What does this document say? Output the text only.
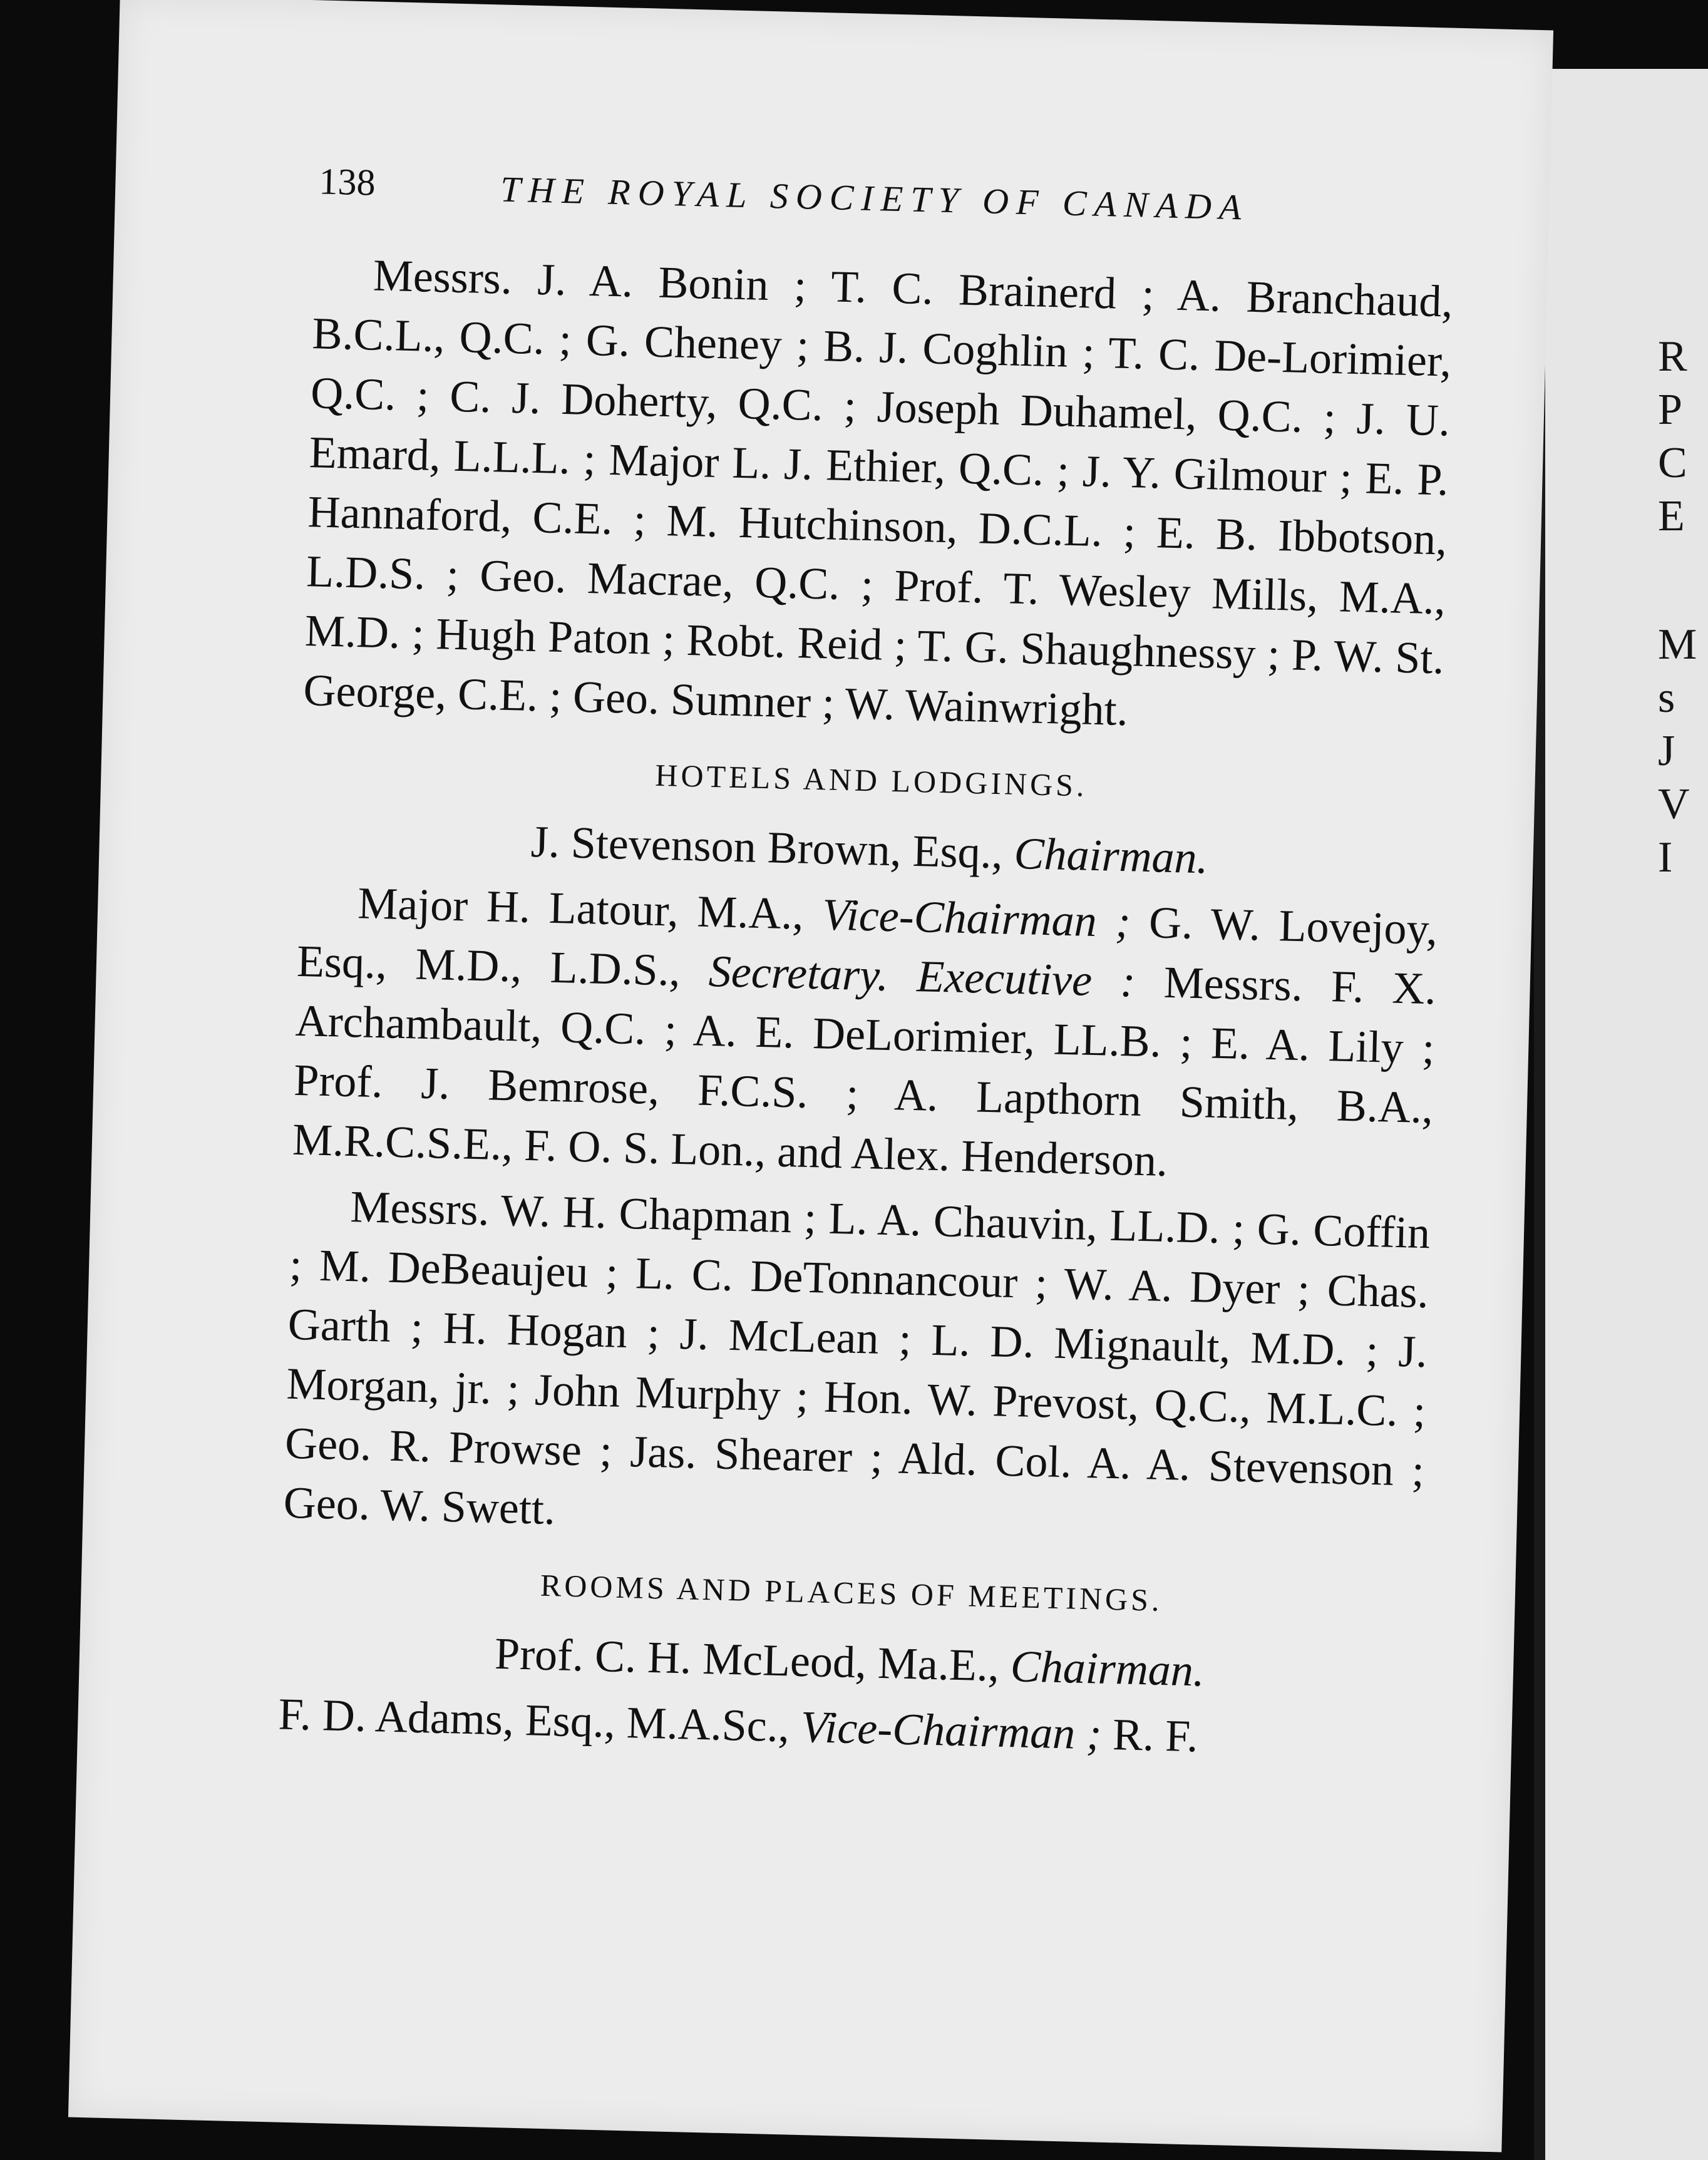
R
P
C
E
M
s
J
V
I
138	THE ROYAL SOCIETY OF CANADA

Messrs. J. A. Bonin ; T. C. Brainerd ; A. Branchaud, B.C.L., Q.C. ; G. Cheney ; B. J. Coghlin ; T. C. De-Lorimier, Q.C. ; C. J. Doherty, Q.C. ; Joseph Duhamel, Q.C. ; J. U. Emard, L.L.L. ; Major L. J. Ethier, Q.C. ; J. Y. Gilmour ; E. P. Hannaford, C.E. ; M. Hutchinson, D.C.L. ; E. B. Ibbotson, L.D.S. ; Geo. Macrae, Q.C. ; Prof. T. Wesley Mills, M.A., M.D. ; Hugh Paton ; Robt. Reid ; T. G. Shaughnessy ; P. W. St. George, C.E. ; Geo. Sumner ; W. Wainwright.

HOTELS AND LODGINGS.
J. Stevenson Brown, Esq., Chairman.

Major H. Latour, M.A., Vice-Chairman ; G. W. Lovejoy, Esq., M.D., L.D.S., Secretary. Executive : Messrs. F. X. Archambault, Q.C. ; A. E. DeLorimier, LL.B. ; E. A. Lily ; Prof. J. Bemrose, F.C.S. ; A. Lapthorn Smith, B.A., M.R.C.S.E., F. O. S. Lon., and Alex. Henderson.

Messrs. W. H. Chapman ; L. A. Chauvin, LL.D. ; G. Coffin ; M. DeBeaujeu ; L. C. DeTonnancour ; W. A. Dyer ; Chas. Garth ; H. Hogan ; J. McLean ; L. D. Mignault, M.D. ; J. Morgan, jr. ; John Murphy ; Hon. W. Prevost, Q.C., M.L.C. ; Geo. R. Prowse ; Jas. Shearer ; Ald. Col. A. A. Stevenson ; Geo. W. Swett.

ROOMS AND PLACES OF MEETINGS.
Prof. C. H. McLeod, Ma.E., Chairman.

F. D. Adams, Esq., M.A.Sc., Vice-Chairman ; R. F.
